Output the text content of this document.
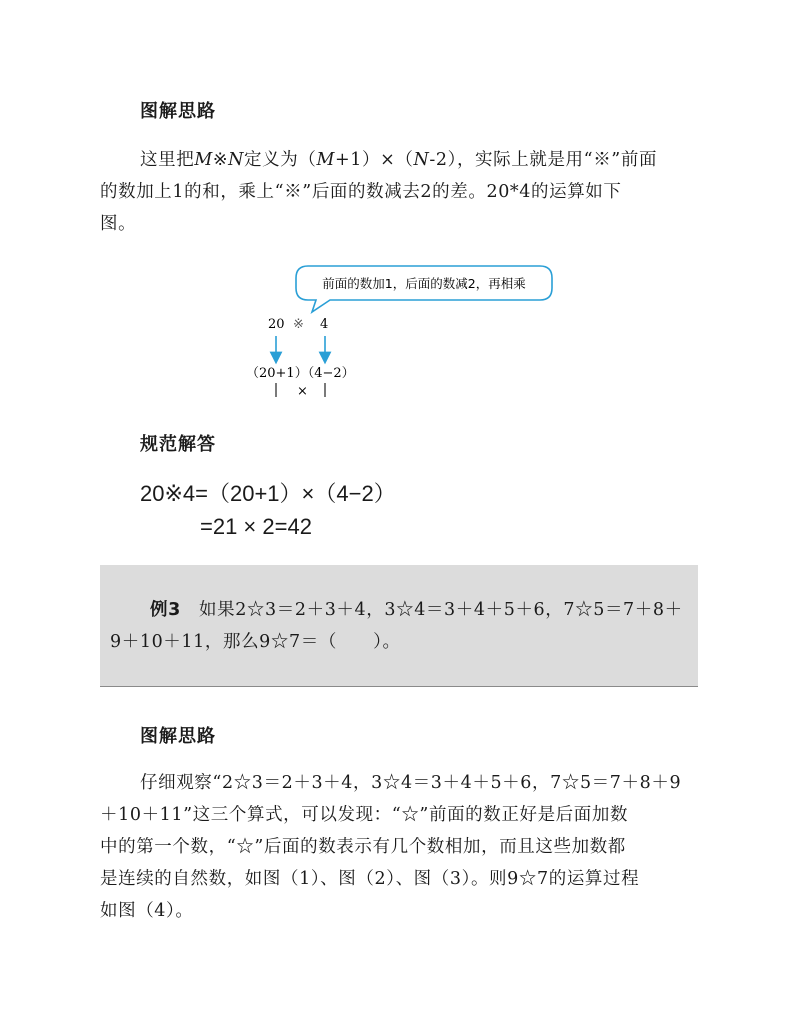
图解思路

这里把M※N定义为（M+1）×（N-2），实际上就是用“※”前面

的数加上1的和，乘上“※”后面的数减去2的差。20*4的运算如下
图。
前面的数加1，后面的数减2，再相乘
20 ※ 4
（20+1）（4−2）
×
规范解答
20※4=（20+1）×（4−2）
=21 × 2=42

例3　 如果2☆3＝2＋3＋4，3☆4＝3＋4＋5＋6，7☆5＝7＋8＋

9＋10＋11，那么9☆7＝（　　）。
图解思路
仔细观察“2☆3＝2＋3＋4，3☆4＝3＋4＋5＋6，7☆5＝7＋8＋9
＋10＋11”这三个算式，可以发现：“☆”前面的数正好是后面加数
中的第一个数，“☆”后面的数表示有几个数相加，而且这些加数都
是连续的自然数，如图（1）、图（2）、图（3）。则9☆7的运算过程
如图（4）。
